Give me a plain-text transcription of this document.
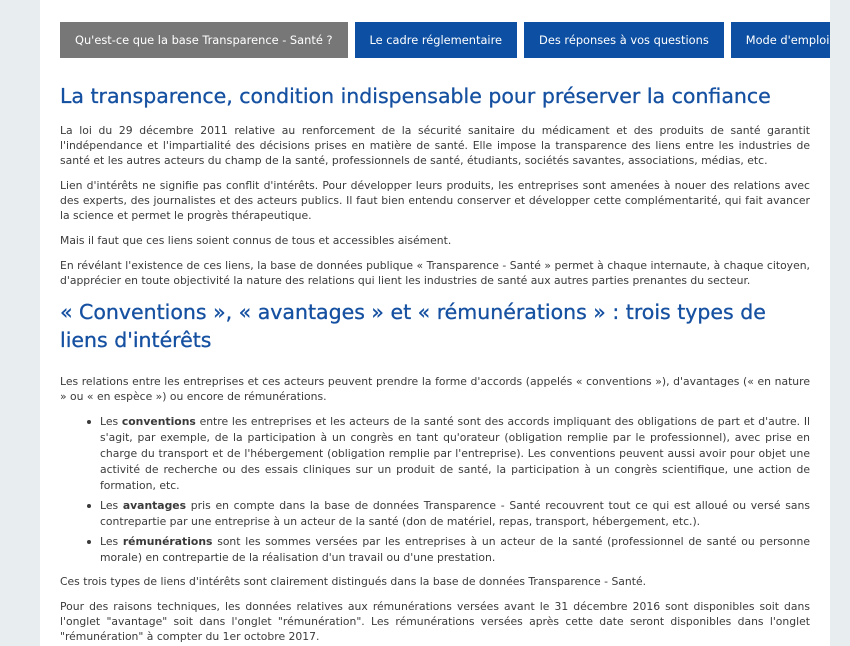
Qu'est-ce que la base Transparence - Santé ?	Le cadre réglementaire	Des réponses à vos questions	Mode d'emploi
La transparence, condition indispensable pour préserver la confiance

La loi du 29 décembre 2011 relative au renforcement de la sécurité sanitaire du médicament et des produits de santé garantit l'indépendance et l'impartialité des décisions prises en matière de santé. Elle impose la transparence des liens entre les industries de santé et les autres acteurs du champ de la santé, professionnels de santé, étudiants, sociétés savantes, associations, médias, etc.

Lien d'intérêts ne signifie pas conflit d'intérêts. Pour développer leurs produits, les entreprises sont amenées à nouer des relations avec des experts, des journalistes et des acteurs publics. Il faut bien entendu conserver et développer cette complémentarité, qui fait avancer la science et permet le progrès thérapeutique.

Mais il faut que ces liens soient connus de tous et accessibles aisément.

En révélant l'existence de ces liens, la base de données publique « Transparence - Santé » permet à chaque internaute, à chaque citoyen, d'apprécier en toute objectivité la nature des relations qui lient les industries de santé aux autres parties prenantes du secteur.

« Conventions », « avantages » et « rémunérations » : trois types de liens d'intérêts

Les relations entre les entreprises et ces acteurs peuvent prendre la forme d'accords (appelés « conventions »), d'avantages (« en nature » ou « en espèce ») ou encore de rémunérations.

Les conventions entre les entreprises et les acteurs de la santé sont des accords impliquant des obligations de part et d'autre. Il s'agit, par exemple, de la participation à un congrès en tant qu'orateur (obligation remplie par le professionnel), avec prise en charge du transport et de l'hébergement (obligation remplie par l'entreprise). Les conventions peuvent aussi avoir pour objet une activité de recherche ou des essais cliniques sur un produit de santé, la participation à un congrès scientifique, une action de formation, etc.
Les avantages pris en compte dans la base de données Transparence - Santé recouvrent tout ce qui est alloué ou versé sans contrepartie par une entreprise à un acteur de la santé (don de matériel, repas, transport, hébergement, etc.).
Les rémunérations sont les sommes versées par les entreprises à un acteur de la santé (professionnel de santé ou personne morale) en contrepartie de la réalisation d'un travail ou d'une prestation.

Ces trois types de liens d'intérêts sont clairement distingués dans la base de données Transparence - Santé.

Pour des raisons techniques, les données relatives aux rémunérations versées avant le 31 décembre 2016 sont disponibles soit dans l'onglet "avantage" soit dans l'onglet "rémunération". Les rémunérations versées après cette date seront disponibles dans l'onglet "rémunération" à compter du 1er octobre 2017.
